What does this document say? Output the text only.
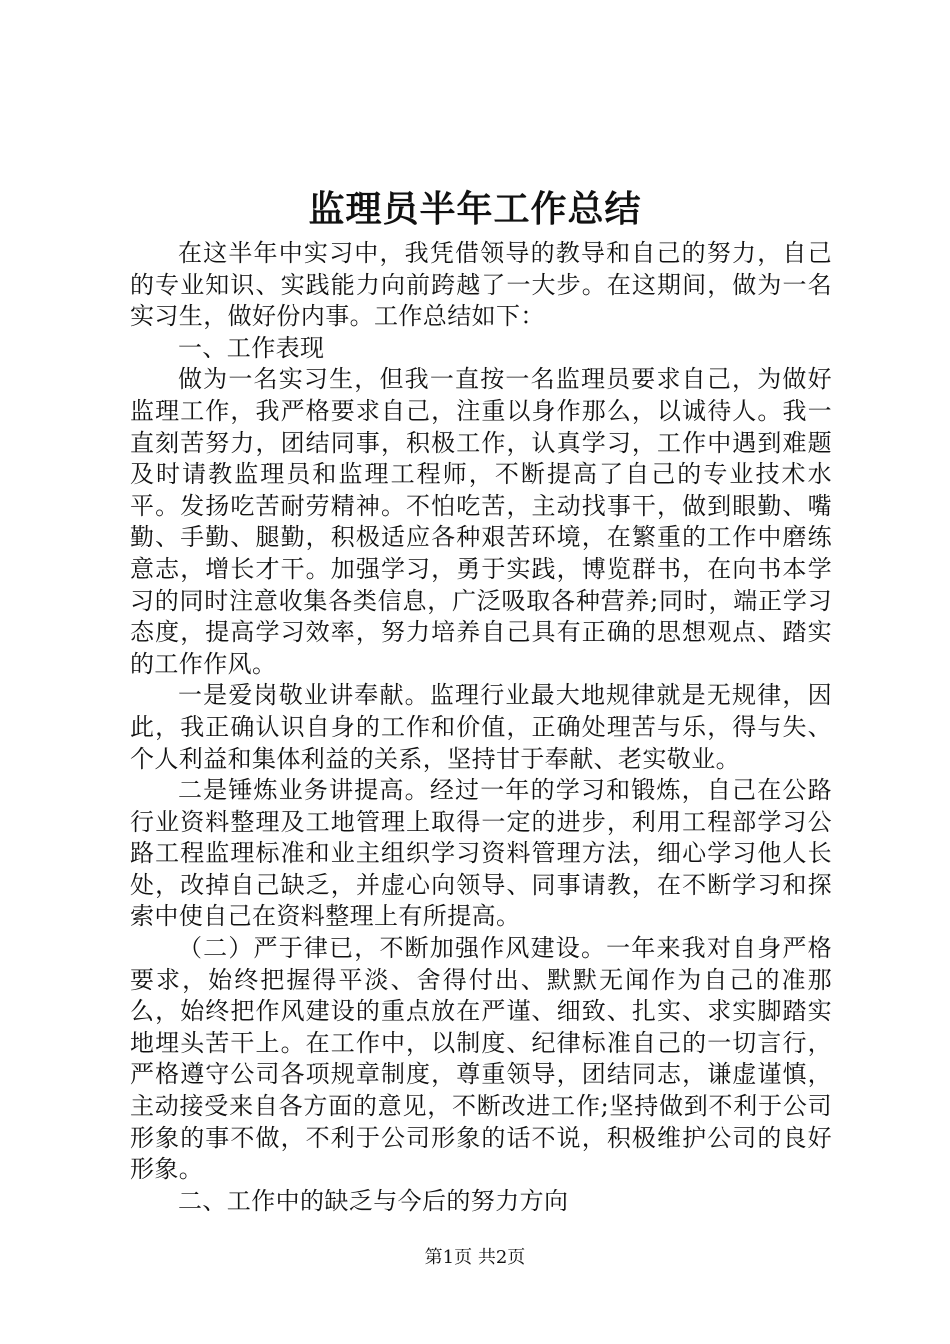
监理员半年工作总结

在这半年中实习中，我凭借领导的教导和自己的努力，自己的专业知识、实践能力向前跨越了一大步。在这期间，做为一名实习生，做好份内事。工作总结如下：

一、工作表现

做为一名实习生，但我一直按一名监理员要求自己，为做好监理工作，我严格要求自己，注重以身作那么，以诚待人。我一直刻苦努力，团结同事，积极工作，认真学习，工作中遇到难题及时请教监理员和监理工程师，不断提高了自己的专业技术水平。发扬吃苦耐劳精神。不怕吃苦，主动找事干，做到眼勤、嘴勤、手勤、腿勤，积极适应各种艰苦环境，在繁重的工作中磨练意志，增长才干。加强学习，勇于实践，博览群书，在向书本学习的同时注意收集各类信息，广泛吸取各种营养;同时，端正学习态度，提高学习效率，努力培养自己具有正确的思想观点、踏实的工作作风。

一是爱岗敬业讲奉献。监理行业最大地规律就是无规律，因此，我正确认识自身的工作和价值，正确处理苦与乐，得与失、个人利益和集体利益的关系，坚持甘于奉献、老实敬业。

二是锤炼业务讲提高。经过一年的学习和锻炼，自己在公路行业资料整理及工地管理上取得一定的进步，利用工程部学习公路工程监理标准和业主组织学习资料管理方法，细心学习他人长处，改掉自己缺乏，并虚心向领导、同事请教，在不断学习和探索中使自己在资料整理上有所提高。

（二）严于律已，不断加强作风建设。一年来我对自身严格要求，始终把握得平淡、舍得付出、默默无闻作为自己的准那么，始终把作风建设的重点放在严谨、细致、扎实、求实脚踏实地埋头苦干上。在工作中，以制度、纪律标准自己的一切言行，严格遵守公司各项规章制度，尊重领导，团结同志，谦虚谨慎，主动接受来自各方面的意见，不断改进工作;坚持做到不利于公司形象的事不做，不利于公司形象的话不说，积极维护公司的良好形象。

二、工作中的缺乏与今后的努力方向

第1页 共2页
